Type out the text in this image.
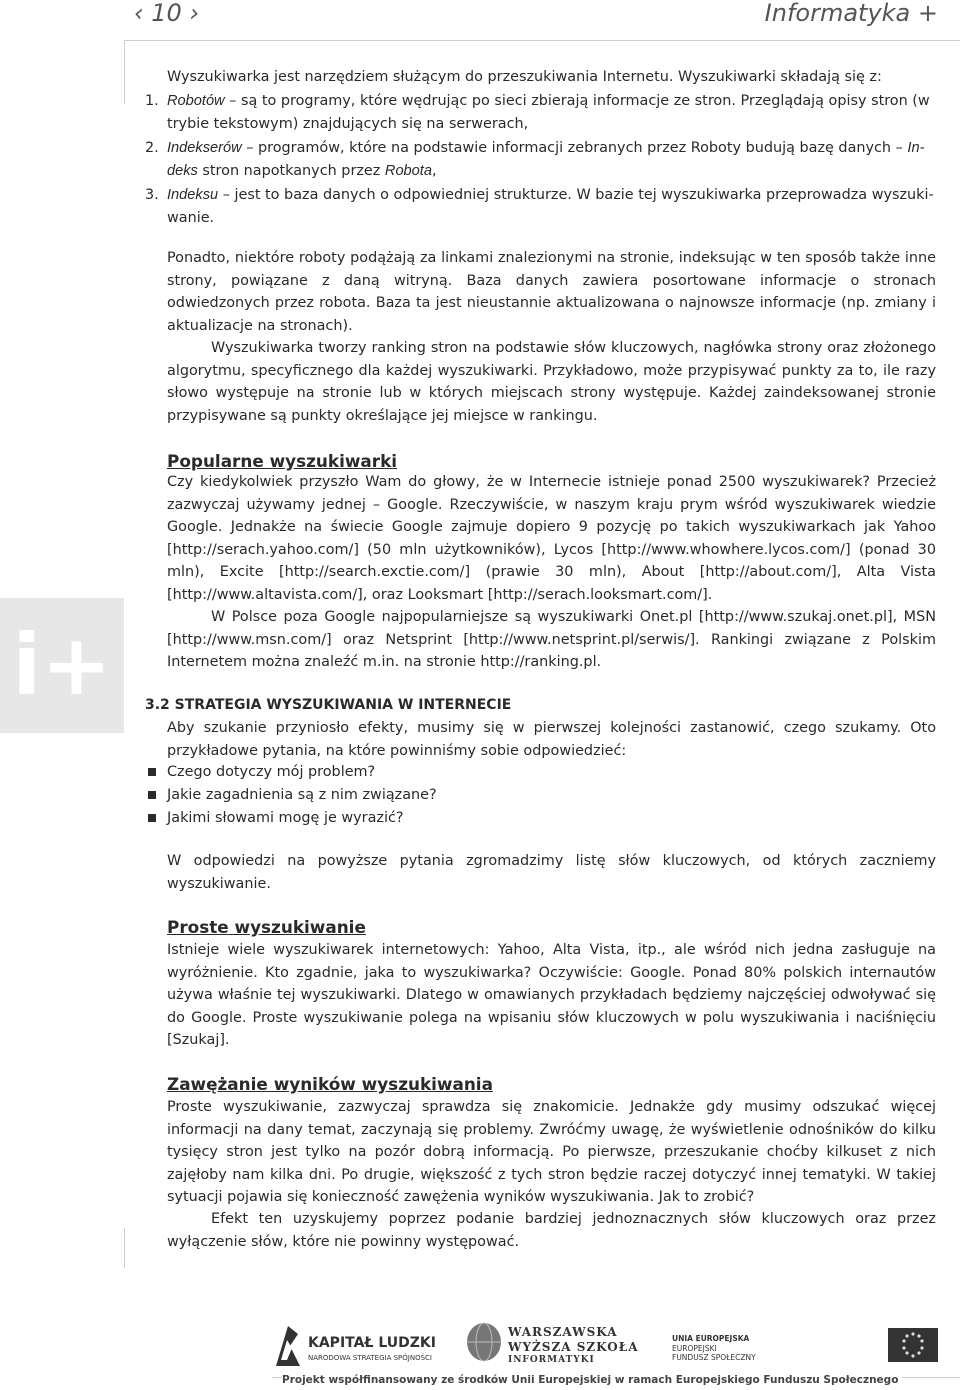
‹ 10 ›	Informatyka +
i+

Wyszukiwarka jest narzędziem służącym do przeszukiwania Internetu. Wyszukiwarki składają się z:

1. Robotów – są to programy, które wędrując po sieci zbierają informacje ze stron. Przeglądają opisy stron (w

trybie tekstowym) znajdujących się na serwerach,

2. Indekserów – programów, które na podstawie informacji zebranych przez Roboty budują bazę danych – In-

deks stron napotkanych przez Robota,

3. Indeksu – jest to baza danych o odpowiedniej strukturze. W bazie tej wyszukiwarka przeprowadza wyszuki-

wanie.

Ponadto, niektóre roboty podążają za linkami znalezionymi na stronie, indeksując w ten sposób także inne strony, powiązane z daną witryną. Baza danych zawiera posortowane informacje o stronach odwiedzonych przez robota. Baza ta jest nieustannie aktualizowana o najnowsze informacje (np. zmiany i aktualizacje na stronach).

Wyszukiwarka tworzy ranking stron na podstawie słów kluczowych, nagłówka strony oraz złożonego algorytmu, specyficznego dla każdej wyszukiwarki. Przykładowo, może przypisywać punkty za to, ile razy słowo występuje na stronie lub w których miejscach strony występuje. Każdej zaindeksowanej stronie przypisywane są punkty określające jej miejsce w rankingu.

Popularne wyszukiwarki

Czy kiedykolwiek przyszło Wam do głowy, że w Internecie istnieje ponad 2500 wyszukiwarek? Przecież zazwyczaj używamy jednej – Google. Rzeczywiście, w naszym kraju prym wśród wyszukiwarek wiedzie Google. Jednakże na świecie Google zajmuje dopiero 9 pozycję po takich wyszukiwarkach jak Yahoo [http://serach.yahoo.com/] (50 mln użytkowników), Lycos [http://www.whowhere.lycos.com/] (ponad 30 mln), Excite [http://search.exctie.com/] (prawie 30 mln), About [http://about.com/], Alta Vista [http://www.altavista.com/], oraz Looksmart [http://serach.looksmart.com/].

W Polsce poza Google najpopularniejsze są wyszukiwarki Onet.pl [http://www.szukaj.onet.pl], MSN [http://www.msn.com/] oraz Netsprint [http://www.netsprint.pl/serwis/]. Rankingi związane z Polskim Internetem można znaleźć m.in. na stronie http://ranking.pl.

3.2 STRATEGIA WYSZUKIWANIA W INTERNECIE

Aby szukanie przyniosło efekty, musimy się w pierwszej kolejności zastanowić, czego szukamy. Oto przykładowe pytania, na które powinniśmy sobie odpowiedzieć:

Czego dotyczy mój problem?

Jakie zagadnienia są z nim związane?

Jakimi słowami mogę je wyrazić?

W odpowiedzi na powyższe pytania zgromadzimy listę słów kluczowych, od których zaczniemy wyszukiwanie.

Proste wyszukiwanie

Istnieje wiele wyszukiwarek internetowych: Yahoo, Alta Vista, itp., ale wśród nich jedna zasługuje na wyróżnienie. Kto zgadnie, jaka to wyszukiwarka? Oczywiście: Google. Ponad 80% polskich internautów używa właśnie tej wyszukiwarki. Dlatego w omawianych przykładach będziemy najczęściej odwoływać się do Google. Proste wyszukiwanie polega na wpisaniu słów kluczowych w polu wyszukiwania i naciśnięciu [Szukaj].

Zawężanie wyników wyszukiwania

Proste wyszukiwanie, zazwyczaj sprawdza się znakomicie. Jednakże gdy musimy odszukać więcej informacji na dany temat, zaczynają się problemy. Zwróćmy uwagę, że wyświetlenie odnośników do kilku tysięcy stron jest tylko na pozór dobrą informacją. Po pierwsze, przeszukanie choćby kilkuset z nich zajęłoby nam kilka dni. Po drugie, większość z tych stron będzie raczej dotyczyć innej tematyki. W takiej sytuacji pojawia się konieczność zawężenia wyników wyszukiwania. Jak to zrobić?

Efekt ten uzyskujemy poprzez podanie bardziej jednoznacznych słów kluczowych oraz przez wyłączenie słów, które nie powinny występować.

KAPITAŁ LUDZKI
NARODOWA STRATEGIA SPÓJNOŚCI
WARSZAWSKA
WYŻSZA SZKOŁA
INFORMATYKI
UNIA EUROPEJSKA
EUROPEJSKI
FUNDUSZ SPOŁECZNY
Projekt współfinansowany ze środków Unii Europejskiej w ramach Europejskiego Funduszu Społecznego
